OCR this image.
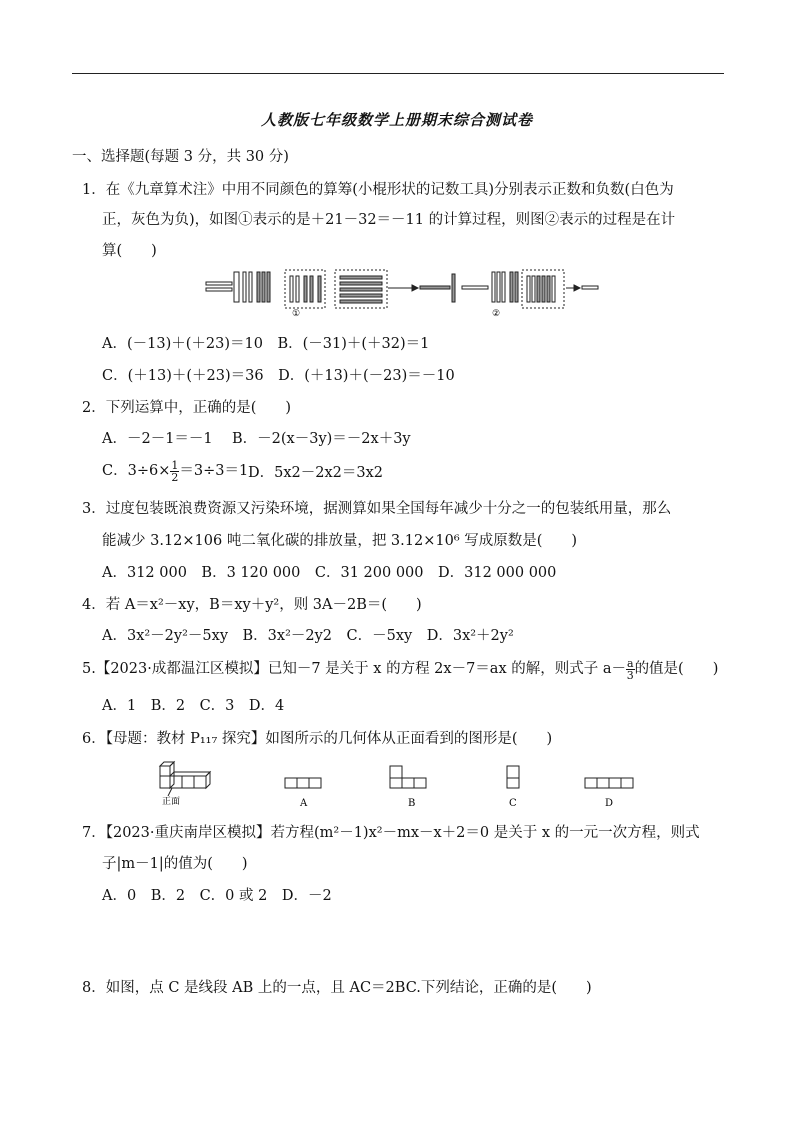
人教版七年级数学上册期末综合测试卷
一、选择题(每题 3 分，共 30 分)
1．在《九章算术注》中用不同颜色的算筹(小棍形状的记数工具)分别表示正数和负数(白色为
正，灰色为负)，如图①表示的是＋21－32＝－11 的计算过程，则图②表示的过程是在计
算(　　)
①	②
A．(－13)＋(＋23)＝10　B．(－31)＋(＋32)＝1
C．(＋13)＋(＋23)＝36　D．(＋13)＋(－23)＝－10
2．下列运算中，正确的是(　　)
A．－2－1＝－1 B．－2(x－3y)＝－2x＋3y
C．$3\div 6\times \frac{1}{2} =3\div 3=1$ D．5x2－2x2＝3x2
3．过度包装既浪费资源又污染环境，据测算如果全国每年减少十分之一的包装纸用量，那么
能减少 3.12×106 吨二氧化碳的排放量，把 3.12×10⁶ 写成原数是(　　)
A．312 000　B．3 120 000　C．31 200 000　D．312 000 000
4．若 A＝x²－xy，B＝xy＋y²，则 3A－2B＝(　　)
A．3x²－2y²－5xy　B．3x²－2y2　C．－5xy　D．3x²＋2y²
5.【2023·成都温江区模拟】已知－7 是关于 x 的方程 2x－7＝ax 的解，则式子 $a- \frac{a}{3}$ 的值是(　　)
A．1　B．2　C．3　D．4
6．【母题：教材 P₁₁₇ 探究】如图所示的几何体从正面看到的图形是(　　)
正面	A	B	C	D
7．【2023·重庆南岸区模拟】若方程(m²－1)x²－mx－x＋2＝0 是关于 x 的一元一次方程，则式
子|m－1|的值为(　　)
A．0　B．2　C．0 或 2　D．－2
8．如图，点 C 是线段 AB 上的一点，且 AC＝2BC.下列结论，正确的是(　　)
